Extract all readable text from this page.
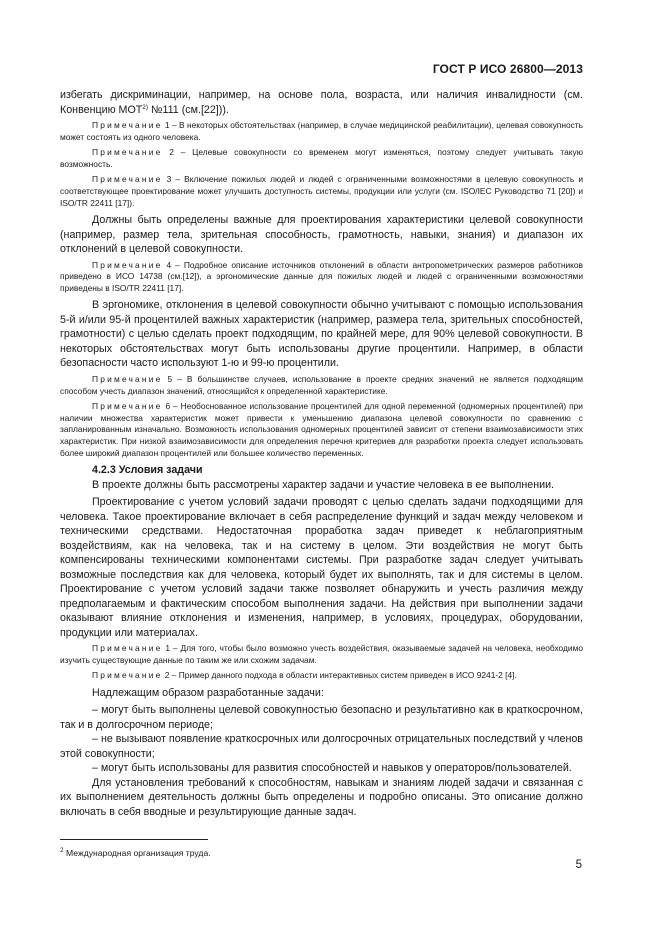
ГОСТ Р ИСО 26800—2013

избегать дискриминации, например, на основе пола, возраста, или наличия инвалидности (см. Конвенцию МОТ$^{2)}$ №111 (см.[22])).

Примечание 1 – В некоторых обстоятельствах (например, в случае медицинской реабилитации), целевая совокупность может состоять из одного человека.

Примечание 2 – Целевые совокупности со временем могут изменяться, поэтому следует учитывать такую возможность.

Примечание 3 – Включение пожилых людей и людей с ограниченными возможностями в целевую совокупность и соответствующее проектирование может улучшить доступность системы, продукции или услуги (см. ISO/IEC Руководство 71 [20]) и ISO/TR 22411 [17]).

Должны быть определены важные для проектирования характеристики целевой совокупности (например, размер тела, зрительная способность, грамотность, навыки, знания) и диапазон их отклонений в целевой совокупности.

Примечание 4 – Подробное описание источников отклонений в области антропометрических размеров работников приведено в ИСО 14738 (см.[12]), а эргономические данные для пожилых людей и людей с ограниченными возможностями приведены в ISO/TR 22411 [17].

В эргономике, отклонения в целевой совокупности обычно учитывают с помощью использования 5-й и/или 95-й процентилей важных характеристик (например, размера тела, зрительных способностей, грамотности) с целью сделать проект подходящим, по крайней мере, для 90% целевой совокупности. В некоторых обстоятельствах могут быть использованы другие процентили. Например, в области безопасности часто используют 1-ю и 99-ю процентили.

Примечание 5 – В большинстве случаев, использование в проекте средних значений не является подходящим способом учесть диапазон значений, относящийся к определенной характеристике.

Примечание 6 – Необоснованное использование процентилей для одной переменной (одномерных процентилей) при наличии множества характеристик может привести к уменьшению диапазона целевой совокупности по сравнению с запланированным изначально. Возможность использования одномерных процентилей зависит от степени взаимозависимости этих характеристик. При низкой взаимозависимости для определения перечня критериев для разработки проекта следует использовать более широкий диапазон процентилей или большее количество переменных.

4.2.3 Условия задачи

В проекте должны быть рассмотрены характер задачи и участие человека в ее выполнении.

Проектирование с учетом условий задачи проводят с целью сделать задачи подходящими для человека. Такое проектирование включает в себя распределение функций и задач между человеком и техническими средствами. Недостаточная проработка задач приведет к неблагоприятным воздействиям, как на человека, так и на систему в целом. Эти воздействия не могут быть компенсированы техническими компонентами системы. При разработке задач следует учитывать возможные последствия как для человека, который будет их выполнять, так и для системы в целом. Проектирование с учетом условий задачи также позволяет обнаружить и учесть различия между предполагаемым и фактическим способом выполнения задачи. На действия при выполнении задачи оказывают влияние отклонения и изменения, например, в условиях, процедурах, оборудовании, продукции или материалах.

Примечание 1 – Для того, чтобы было возможно учесть воздействия, оказываемые задачей на человека, необходимо изучить существующие данные по таким же или схожим задачам.

Примечание 2 – Пример данного подхода в области интерактивных систем приведен в ИСО 9241-2 [4].

Надлежащим образом разработанные задачи:

– могут быть выполнены целевой совокупностью безопасно и результативно как в краткосрочном, так и в долгосрочном периоде;

– не вызывают появление краткосрочных или долгосрочных отрицательных последствий у членов этой совокупности;

– могут быть использованы для развития способностей и навыков у операторов/пользователей.

Для установления требований к способностям, навыкам и знаниям людей задачи и связанная с их выполнением деятельность должны быть определены и подробно описаны. Это описание должно включать в себя вводные и результирующие данные задач.

$^2$ Международная организация труда.
5
